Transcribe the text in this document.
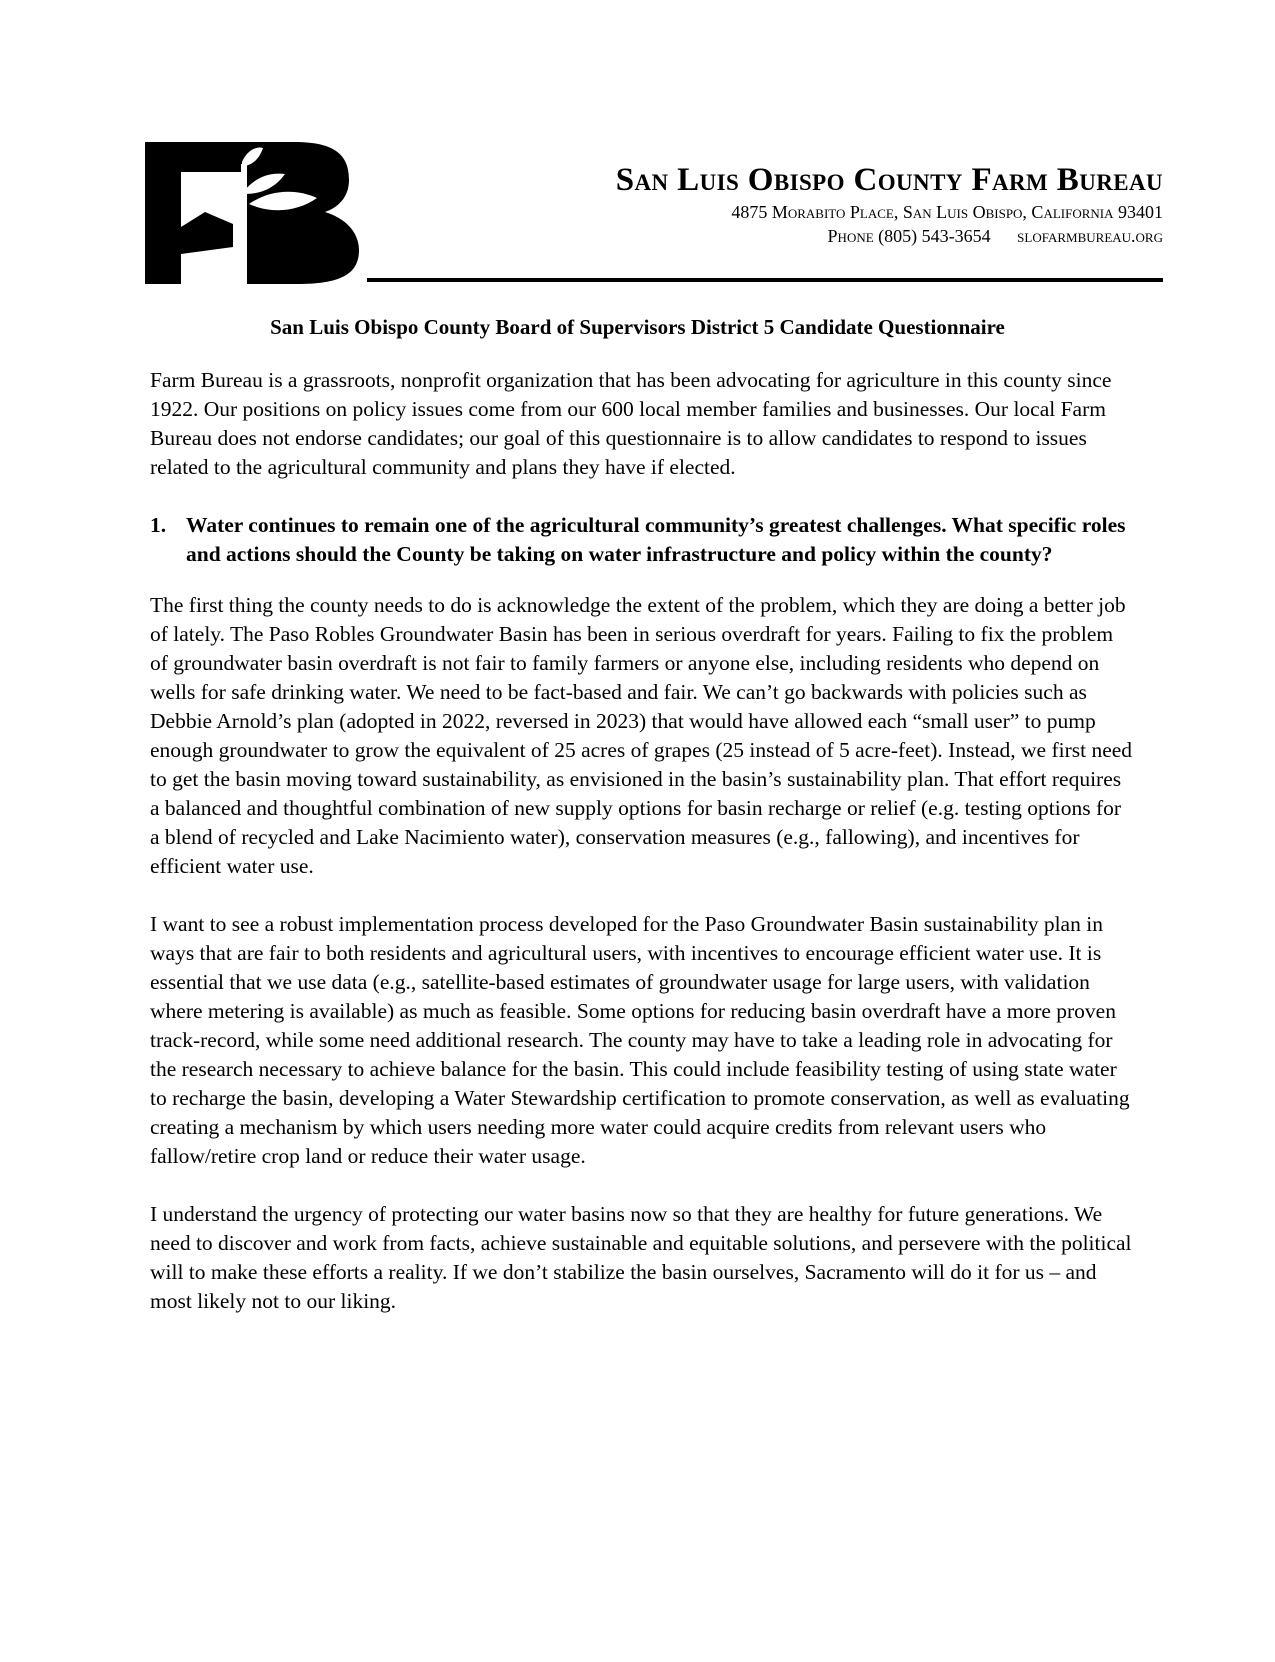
San Luis Obispo County Farm Bureau

4875 Morabito Place, San Luis Obispo, California 93401

Phone (805) 543-3654 slofarmbureau.org

San Luis Obispo County Board of Supervisors District 5 Candidate Questionnaire

Farm Bureau is a grassroots, nonprofit organization that has been advocating for agriculture in this county since 1922. Our positions on policy issues come from our 600 local member families and businesses. Our local Farm Bureau does not endorse candidates; our goal of this questionnaire is to allow candidates to respond to issues related to the agricultural community and plans they have if elected.

1. Water continues to remain one of the agricultural community’s greatest challenges. What specific roles and actions should the County be taking on water infrastructure and policy within the county?

The first thing the county needs to do is acknowledge the extent of the problem, which they are doing a better job of lately. The Paso Robles Groundwater Basin has been in serious overdraft for years. Failing to fix the problem of groundwater basin overdraft is not fair to family farmers or anyone else, including residents who depend on wells for safe drinking water. We need to be fact-based and fair. We can’t go backwards with policies such as Debbie Arnold’s plan (adopted in 2022, reversed in 2023) that would have allowed each “small user” to pump enough groundwater to grow the equivalent of 25 acres of grapes (25 instead of 5 acre-feet). Instead, we first need to get the basin moving toward sustainability, as envisioned in the basin’s sustainability plan. That effort requires a balanced and thoughtful combination of new supply options for basin recharge or relief (e.g. testing options for a blend of recycled and Lake Nacimiento water), conservation measures (e.g., fallowing), and incentives for efficient water use.

I want to see a robust implementation process developed for the Paso Groundwater Basin sustainability plan in ways that are fair to both residents and agricultural users, with incentives to encourage efficient water use. It is essential that we use data (e.g., satellite-based estimates of groundwater usage for large users, with validation where metering is available) as much as feasible. Some options for reducing basin overdraft have a more proven track-record, while some need additional research. The county may have to take a leading role in advocating for the research necessary to achieve balance for the basin. This could include feasibility testing of using state water to recharge the basin, developing a Water Stewardship certification to promote conservation, as well as evaluating creating a mechanism by which users needing more water could acquire credits from relevant users who fallow/retire crop land or reduce their water usage.

I understand the urgency of protecting our water basins now so that they are healthy for future generations. We need to discover and work from facts, achieve sustainable and equitable solutions, and persevere with the political will to make these efforts a reality. If we don’t stabilize the basin ourselves, Sacramento will do it for us – and most likely not to our liking.
